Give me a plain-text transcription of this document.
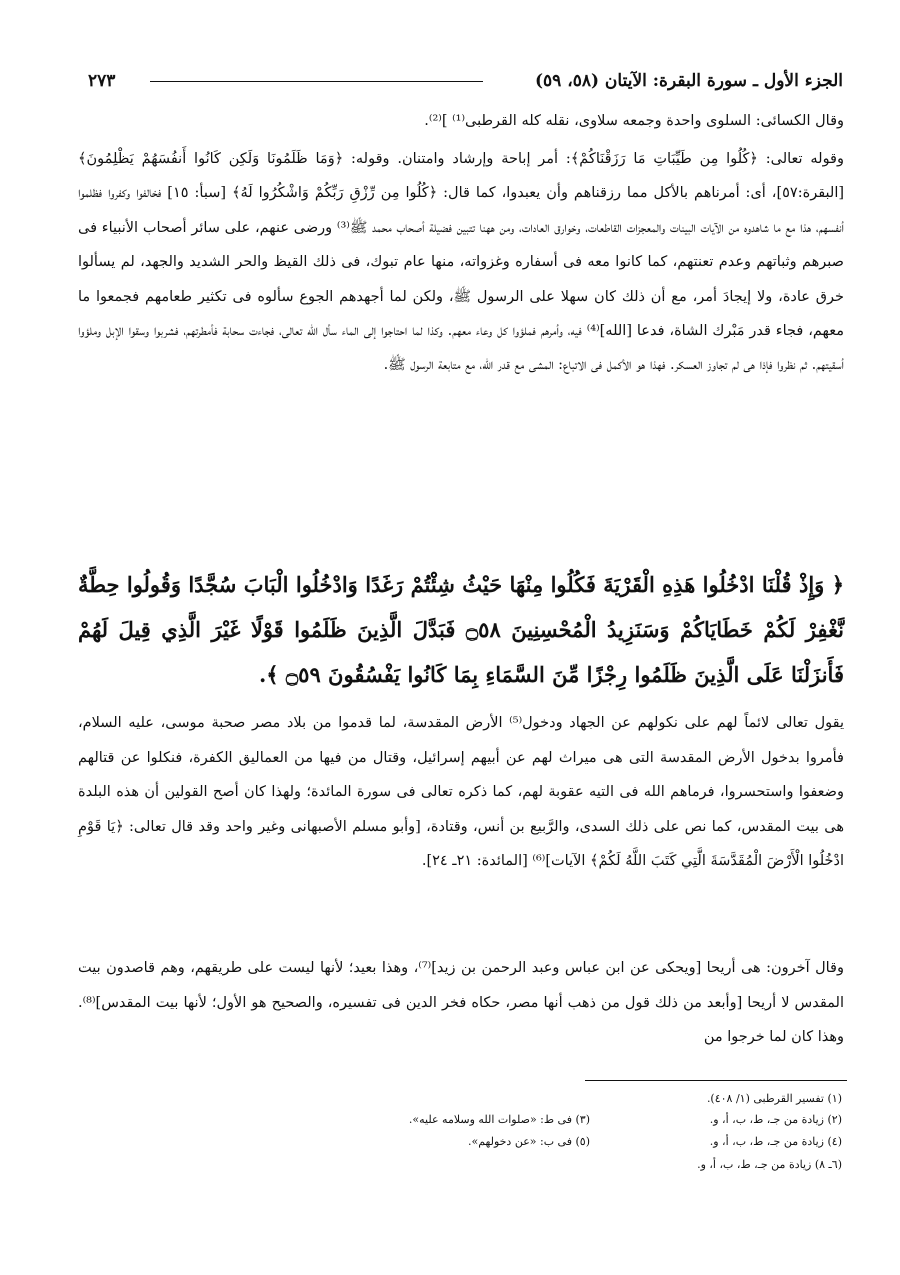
الجزء الأول ـ سورة البقرة: الآيتان (٥٨، ٥٩)
٢٧٣
وقال الكسائى: السلوى واحدة وجمعه سلاوى، نقله كله القرطبى⁽¹⁾ ]⁽²⁾.
وقوله تعالى: ﴿كُلُوا مِن طَيِّبَاتِ مَا رَزَقْنَاكُمْ﴾: أمر إباحة وإرشاد وامتنان. وقوله: ﴿وَمَا ظَلَمُونَا وَلَكِن كَانُوا أَنفُسَهُمْ يَظْلِمُونَ﴾ [البقرة:٥٧]، أى: أمرناهم بالأكل مما رزقناهم وأن يعبدوا، كما قال: ﴿كُلُوا مِن رِّزْقِ رَبِّكُمْ وَاشْكُرُوا لَهُ﴾ [سبأ: ١٥] فخالفوا وكفروا فظلموا أنفسهم، هذا مع ما شاهدوه من الآيات البينات والمعجزات القاطعات، وخوارق العادات، ومن ههنا تتبين فضيلة أصحاب محمد ﷺ⁽³⁾ ورضى عنهم، على سائر أصحاب الأنبياء فى صبرهم وثباتهم وعدم تعنتهم، كما كانوا معه فى أسفاره وغزواته، منها عام تبوك، فى ذلك القيظ والحر الشديد والجهد، لم يسألوا خرق عادة، ولا إيجادَ أمر، مع أن ذلك كان سهلا على الرسول ﷺ، ولكن لما أجهدهم الجوع سألوه فى تكثير طعامهم فجمعوا ما معهم، فجاء قدر مَبْرك الشاة، فدعا [الله]⁽⁴⁾ فيه، وأمرهم فملؤوا كل وعاء معهم. وكذا لما احتاجوا إلى الماء سأل الله تعالى، فجاءت سحابة فأمطرتهم، فشربوا وسقوا الإبل وملؤوا أسقيتهم. ثم نظروا فإذا هى لم تجاوز العسكر. فهذا هو الأكمل فى الاتباع: المشى مع قدر الله، مع متابعة الرسول ﷺ.
﴿ وَإِذْ قُلْنَا ادْخُلُوا هَذِهِ الْقَرْيَةَ فَكُلُوا مِنْهَا حَيْثُ شِئْتُمْ رَغَدًا وَادْخُلُوا الْبَابَ سُجَّدًا وَقُولُوا حِطَّةٌ نَّغْفِرْ لَكُمْ خَطَايَاكُمْ وَسَنَزِيدُ الْمُحْسِنِينَ ۝٥٨ فَبَدَّلَ الَّذِينَ ظَلَمُوا قَوْلًا غَيْرَ الَّذِي قِيلَ لَهُمْ فَأَنزَلْنَا عَلَى الَّذِينَ ظَلَمُوا رِجْزًا مِّنَ السَّمَاءِ بِمَا كَانُوا يَفْسُقُونَ ۝٥٩ ﴾.
يقول تعالى لائماً لهم على نكولهم عن الجهاد ودخول⁽⁵⁾ الأرض المقدسة، لما قدموا من بلاد مصر صحبة موسى، عليه السلام، فأمروا بدخول الأرض المقدسة التى هى ميراث لهم عن أبيهم إسرائيل، وقتال من فيها من العماليق الكفرة، فنكلوا عن قتالهم وضعفوا واستحسروا، فرماهم الله فى التيه عقوبة لهم، كما ذكره تعالى فى سورة المائدة؛ ولهذا كان أصح القولين أن هذه البلدة هى بيت المقدس، كما نص على ذلك السدى، والرَّبيع بن أنس، وقتادة، [وأبو مسلم الأصبهانى وغير واحد وقد قال تعالى: ﴿يَا قَوْمِ ادْخُلُوا الْأَرْضَ الْمُقَدَّسَةَ الَّتِي كَتَبَ اللَّهُ لَكُمْ﴾ الآيات]⁽⁶⁾ [المائدة: ٢١ـ ٢٤].
وقال آخرون: هى أريحا [ويحكى عن ابن عباس وعبد الرحمن بن زيد]⁽⁷⁾، وهذا بعيد؛ لأنها ليست على طريقهم، وهم قاصدون بيت المقدس لا أريحا [وأبعد من ذلك قول من ذهب أنها مصر، حكاه فخر الدين فى تفسيره، والصحيح هو الأول؛ لأنها بيت المقدس]⁽⁸⁾. وهذا كان لما خرجوا من
(١) تفسير القرطبى (١/ ٤٠٨).
(٢) زيادة من جـ، ط، ب، أ، و.
(٣) فى ط: «صلوات الله وسلامه عليه».
(٤) زيادة من جـ، ط، ب، أ، و.
(٥) فى ب: «عن دخولهم».
(٦ـ ٨) زيادة من جـ، ط، ب، أ، و.
